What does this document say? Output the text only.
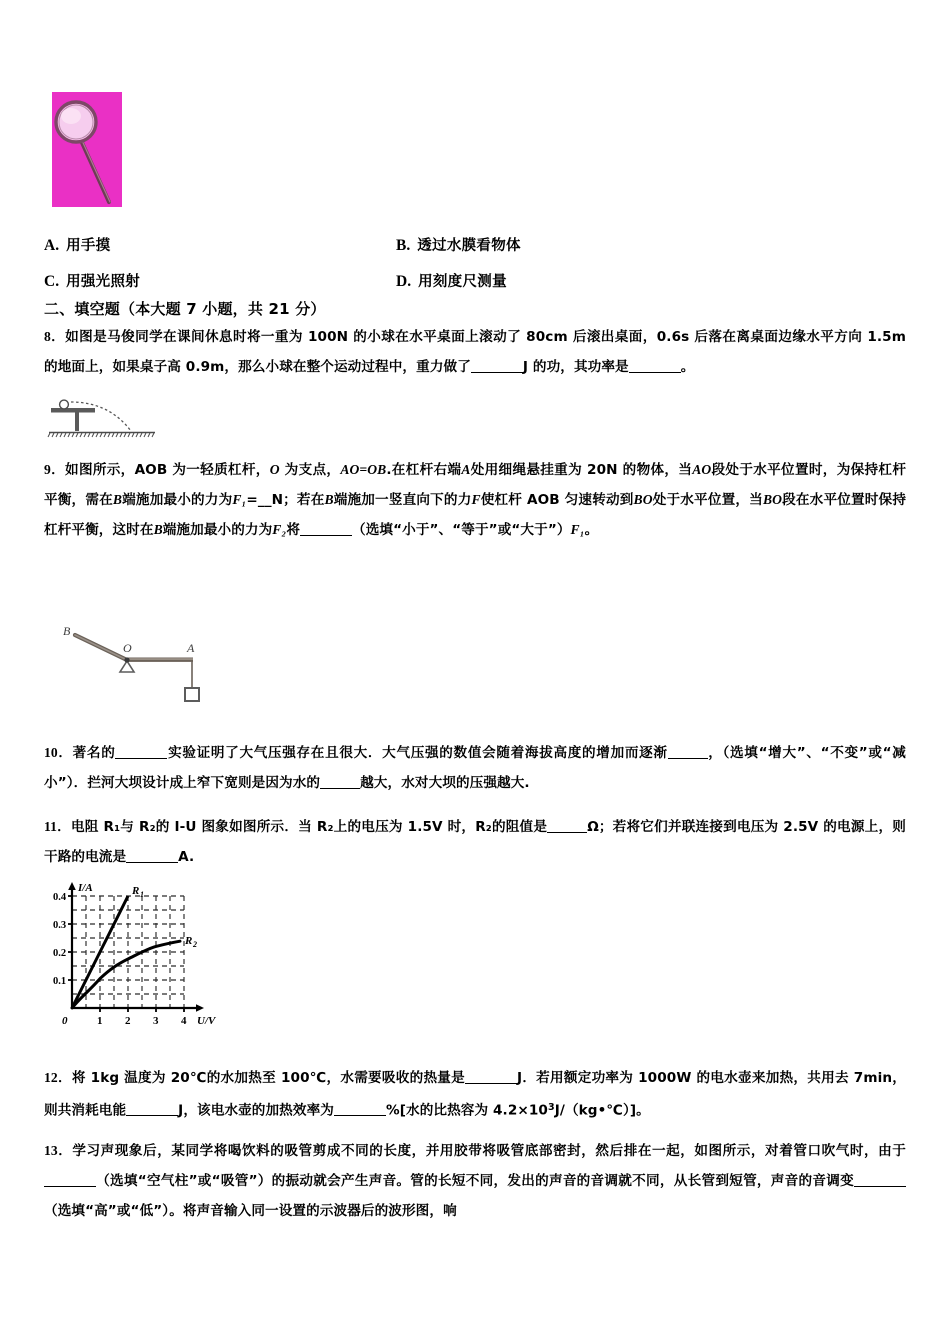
A. 用手摸	B. 透过水膜看物体
C. 用强光照射	D. 用刻度尺测量
二、填空题（本大题 7 小题，共 21 分）
8．如图是马俊同学在课间休息时将一重为 100N 的小球在水平桌面上滚动了 80cm 后滚出桌面，0.6s 后落在离桌面边缘水平方向 1.5m 的地面上，如果桌子高 0.9m，那么小球在整个运动过程中，重力做了	J 的功，其功率是	。
9．如图所示，AOB 为一轻质杠杆，O 为支点，AO=OB.在杠杆右端A处用细绳悬挂重为 20N 的物体，当AO段处于水平位置时，为保持杠杆平衡，需在B端施加最小的力为F₁=__N；若在B端施加一竖直向下的力F使杠杆 AOB 匀速转动到BO处于水平位置，当BO段在水平位置时保持杠杆平衡，这时在B端施加最小的力为F₂将	（选填“小于”、“等于”或“大于”）F₁。
B
O	A
10．著名的	实验证明了大气压强存在且很大．大气压强的数值会随着海拔高度的增加而逐渐	，（选填“增大”、“不变”或“减小”）．拦河大坝设计成上窄下宽则是因为水的	越大，水对大坝的压强越大.
11．电阻 R₁与 R₂的 I‑U 图象如图所示．当 R₂上的电压为 1.5V 时，R₂的阻值是	Ω；若将它们并联连接到电压为 2.5V 的电源上，则干路的电流是	A.
0.4
0.3
0.2
0.1
I/A
0	1 2 3 4 U/V
R 1
R 2
12．将 1kg 温度为 20℃的水加热至 100℃，水需要吸收的热量是	J．若用额定功率为 1000W 的电水壶来加热，共用去 7min，则共消耗电能	J，该电水壶的加热效率为	%[水的比热容为 $4.2\times 10^3J/(kg•℃)$]。
13．学习声现象后，某同学将喝饮料的吸管剪成不同的长度，并用胶带将吸管底部密封，然后排在一起，如图所示，对着管口吹气时，由于（选填“空气柱”或“吸管”）的振动就会产生声音。管的长短不同，发出的声音的音调就不同，从长管到短管，声音的音调变（选填“高”或“低”）。将声音输入同一设置的示波器后的波形图，响
